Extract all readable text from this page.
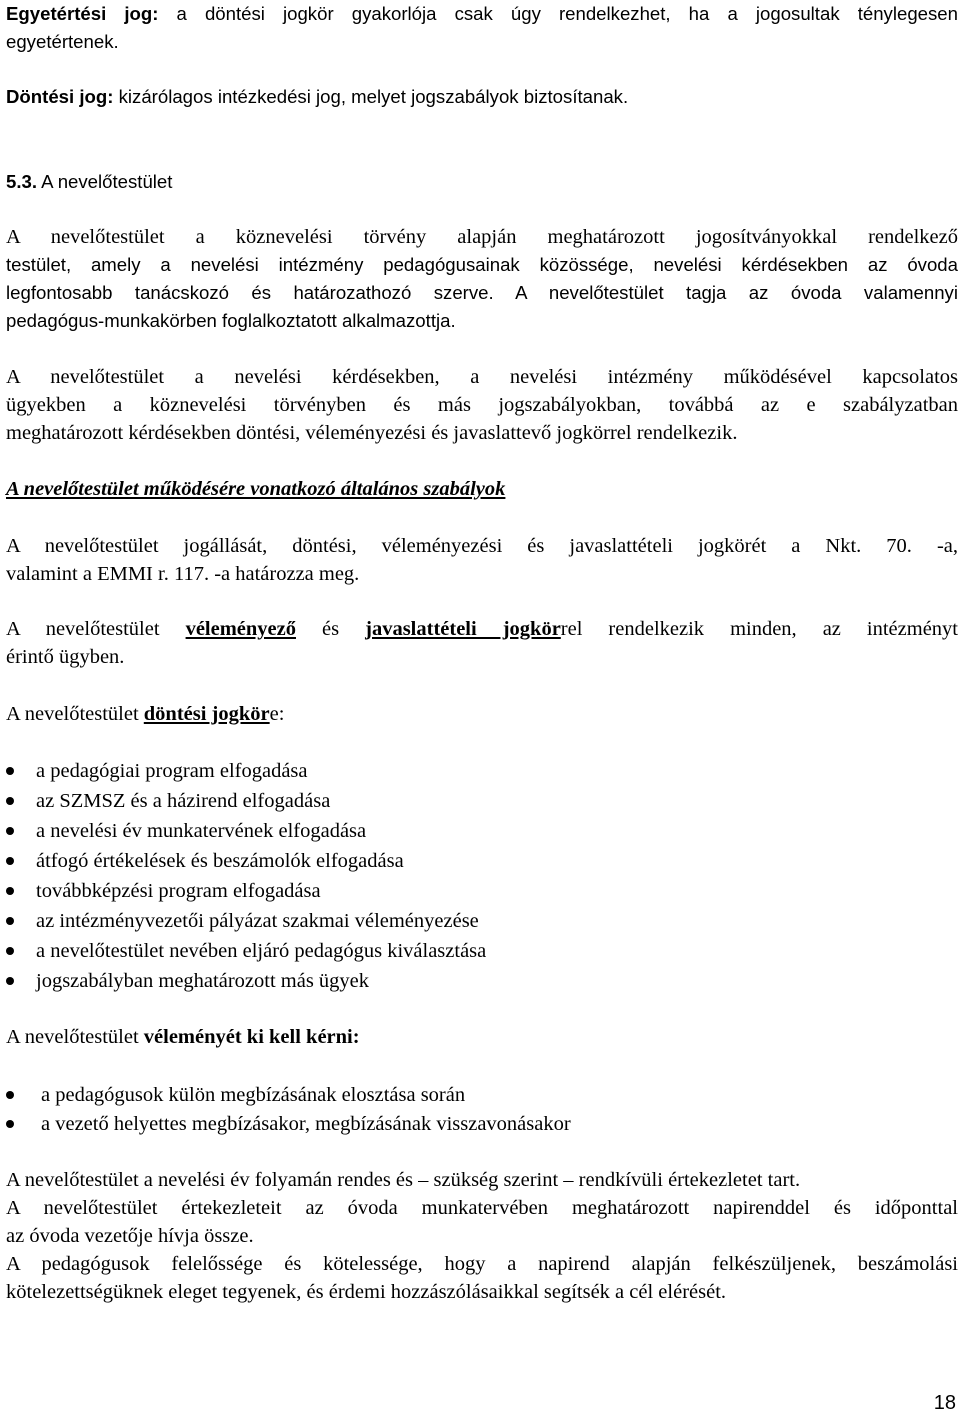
Egyetértési jog: a döntési jogkör gyakorlója csak úgy rendelkezhet, ha a jogosultak ténylegesen
egyetértenek.
Döntési jog: kizárólagos intézkedési jog, melyet jogszabályok biztosítanak.
5.3. A nevelőtestület
A nevelőtestület a köznevelési törvény alapján meghatározott jogosítványokkal rendelkező
testület, amely a nevelési intézmény pedagógusainak közössége, nevelési kérdésekben az óvoda
legfontosabb tanácskozó és határozathozó szerve. A nevelőtestület tagja az óvoda valamennyi
pedagógus-munkakörben foglalkoztatott alkalmazottja.
A nevelőtestület a nevelési kérdésekben, a nevelési intézmény működésével kapcsolatos
ügyekben a köznevelési törvényben és más jogszabályokban, továbbá az e szabályzatban
meghatározott kérdésekben döntési, véleményezési és javaslattevő jogkörrel rendelkezik.
A nevelőtestület működésére vonatkozó általános szabályok
A nevelőtestület jogállását, döntési, véleményezési és javaslattételi jogkörét a Nkt. 70. -a,
valamint a EMMI r. 117. -a határozza meg.
A nevelőtestület véleményező és javaslattételi jogkörrel rendelkezik minden, az intézményt
érintő ügyben.
A nevelőtestület döntési jogköre:
a pedagógiai program elfogadása
az SZMSZ és a házirend elfogadása
a nevelési év munkatervének elfogadása
átfogó értékelések és beszámolók elfogadása
továbbképzési program elfogadása
az intézményvezetői pályázat szakmai véleményezése
a nevelőtestület nevében eljáró pedagógus kiválasztása
jogszabályban meghatározott más ügyek
A nevelőtestület véleményét ki kell kérni:
a pedagógusok külön megbízásának elosztása során
a vezető helyettes megbízásakor, megbízásának visszavonásakor
A nevelőtestület a nevelési év folyamán rendes és – szükség szerint – rendkívüli értekezletet tart.
A nevelőtestület értekezleteit az óvoda munkatervében meghatározott napirenddel és időponttal
az óvoda vezetője hívja össze.
A pedagógusok felelőssége és kötelessége, hogy a napirend alapján felkészüljenek, beszámolási
kötelezettségüknek eleget tegyenek, és érdemi hozzászólásaikkal segítsék a cél elérését.
18
